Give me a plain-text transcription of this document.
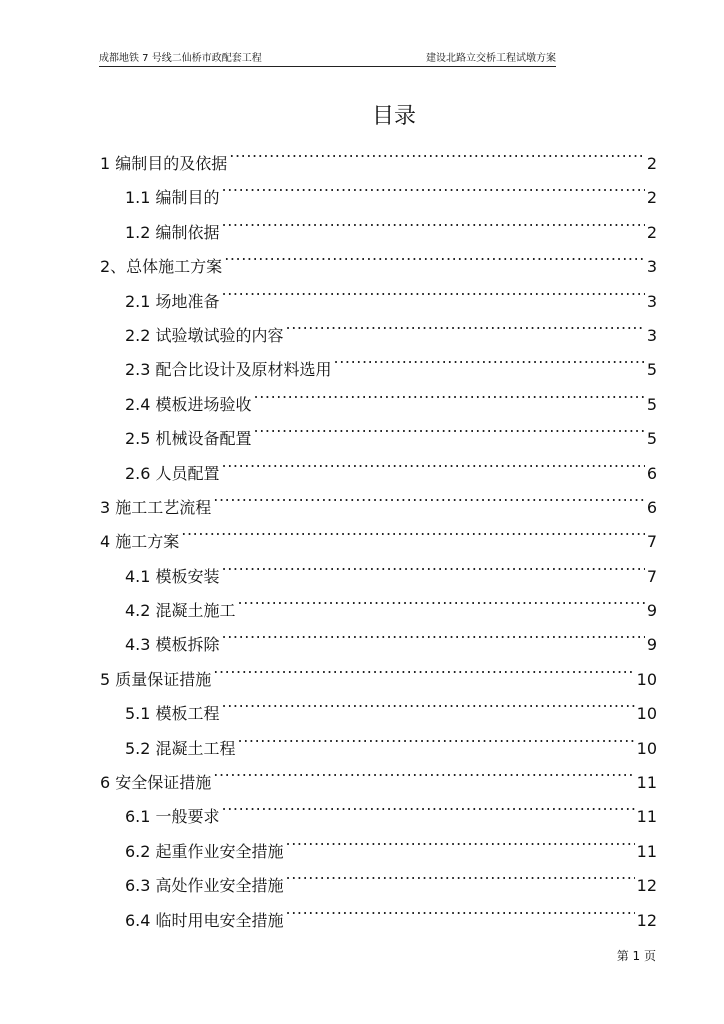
成都地铁 7 号线二仙桥市政配套工程	建设北路立交桥工程试墩方案
目录
1 编制目的及依据 .....	2
1.1 编制目的 .....	2
1.2 编制依据 .....	2
2、总体施工方案 .....	3
2.1 场地准备 .....	3
2.2 试验墩试验的内容 .....	3
2.3 配合比设计及原材料选用 .....	5
2.4 模板进场验收 .....	5
2.5 机械设备配置 .....	5
2.6 人员配置 .....	6
3 施工工艺流程 .....	6
4 施工方案 .....	7
4.1 模板安装 .....	7
4.2 混凝土施工 .....	9
4.3 模板拆除 .....	9
5 质量保证措施 .....	10
5.1 模板工程 .....	10
5.2 混凝土工程 .....	10
6 安全保证措施 .....	11
6.1 一般要求 .....	11
6.2 起重作业安全措施 .....	11
6.3 高处作业安全措施 .....	12
6.4 临时用电安全措施 .....	12
第 1 页
